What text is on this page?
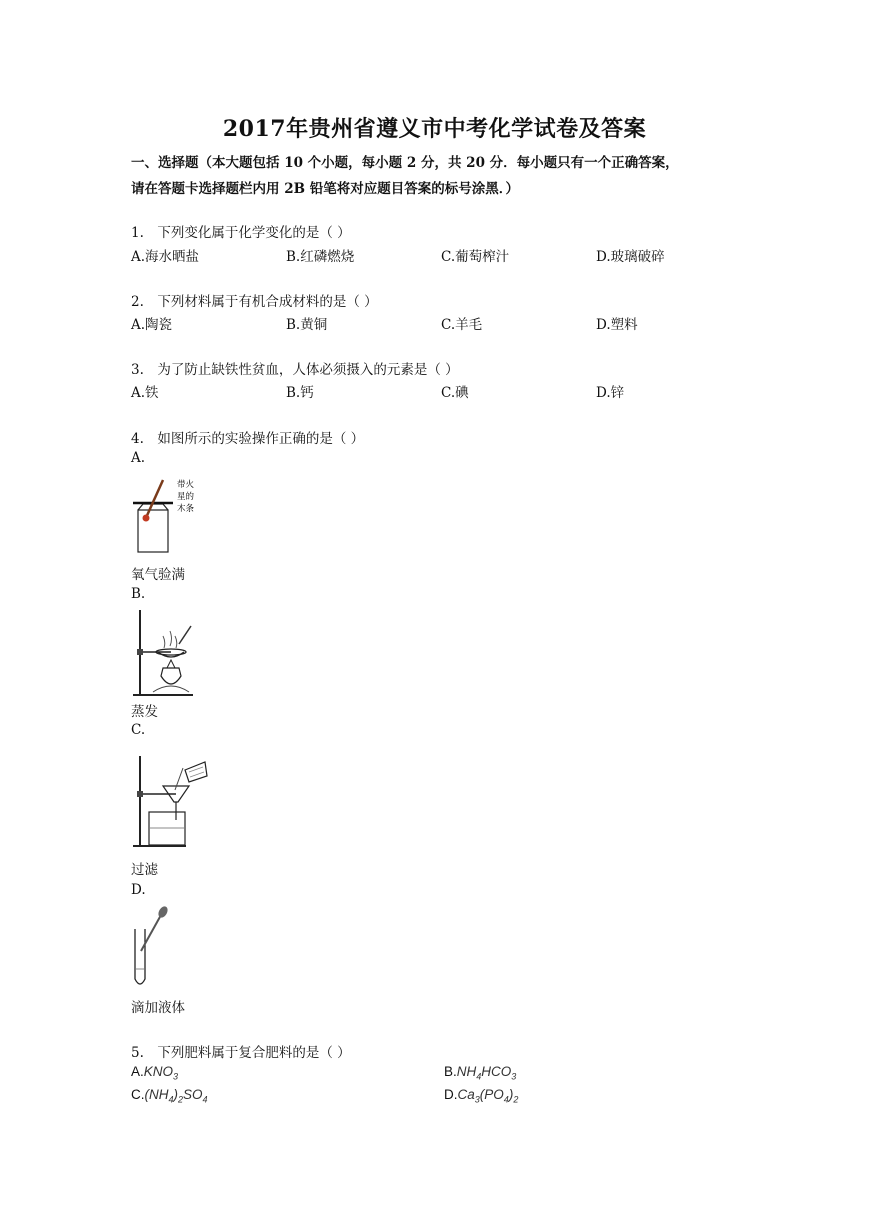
2017年贵州省遵义市中考化学试卷及答案
一、选择题（本大题包括 10 个小题，每小题 2 分，共 20 分．每小题只有一个正确答案，
请在答题卡选择题栏内用 2B 铅笔将对应题目答案的标号涂黑．）
1.　下列变化属于化学变化的是（ ）
A.海水晒盐	B.红磷燃烧	C.葡萄榨汁	D.玻璃破碎
2.　下列材料属于有机合成材料的是（ ）
A.陶瓷	B.黄铜	C.羊毛	D.塑料
3.　为了防止缺铁性贫血，人体必须摄入的元素是（ ）
A.铁	B.钙	C.碘	D.锌
4.　如图所示的实验操作正确的是（ ）
A.
带火
星的
木条
氧气验满
B.
蒸发
C.
过滤
D.
滴加液体
5.　下列肥料属于复合肥料的是（ ）
$A.KNO_3$	$B.NH_4HCO_3$
$C.(NH_4)_2SO_4$	$D.Ca_3(PO_4)_2$
